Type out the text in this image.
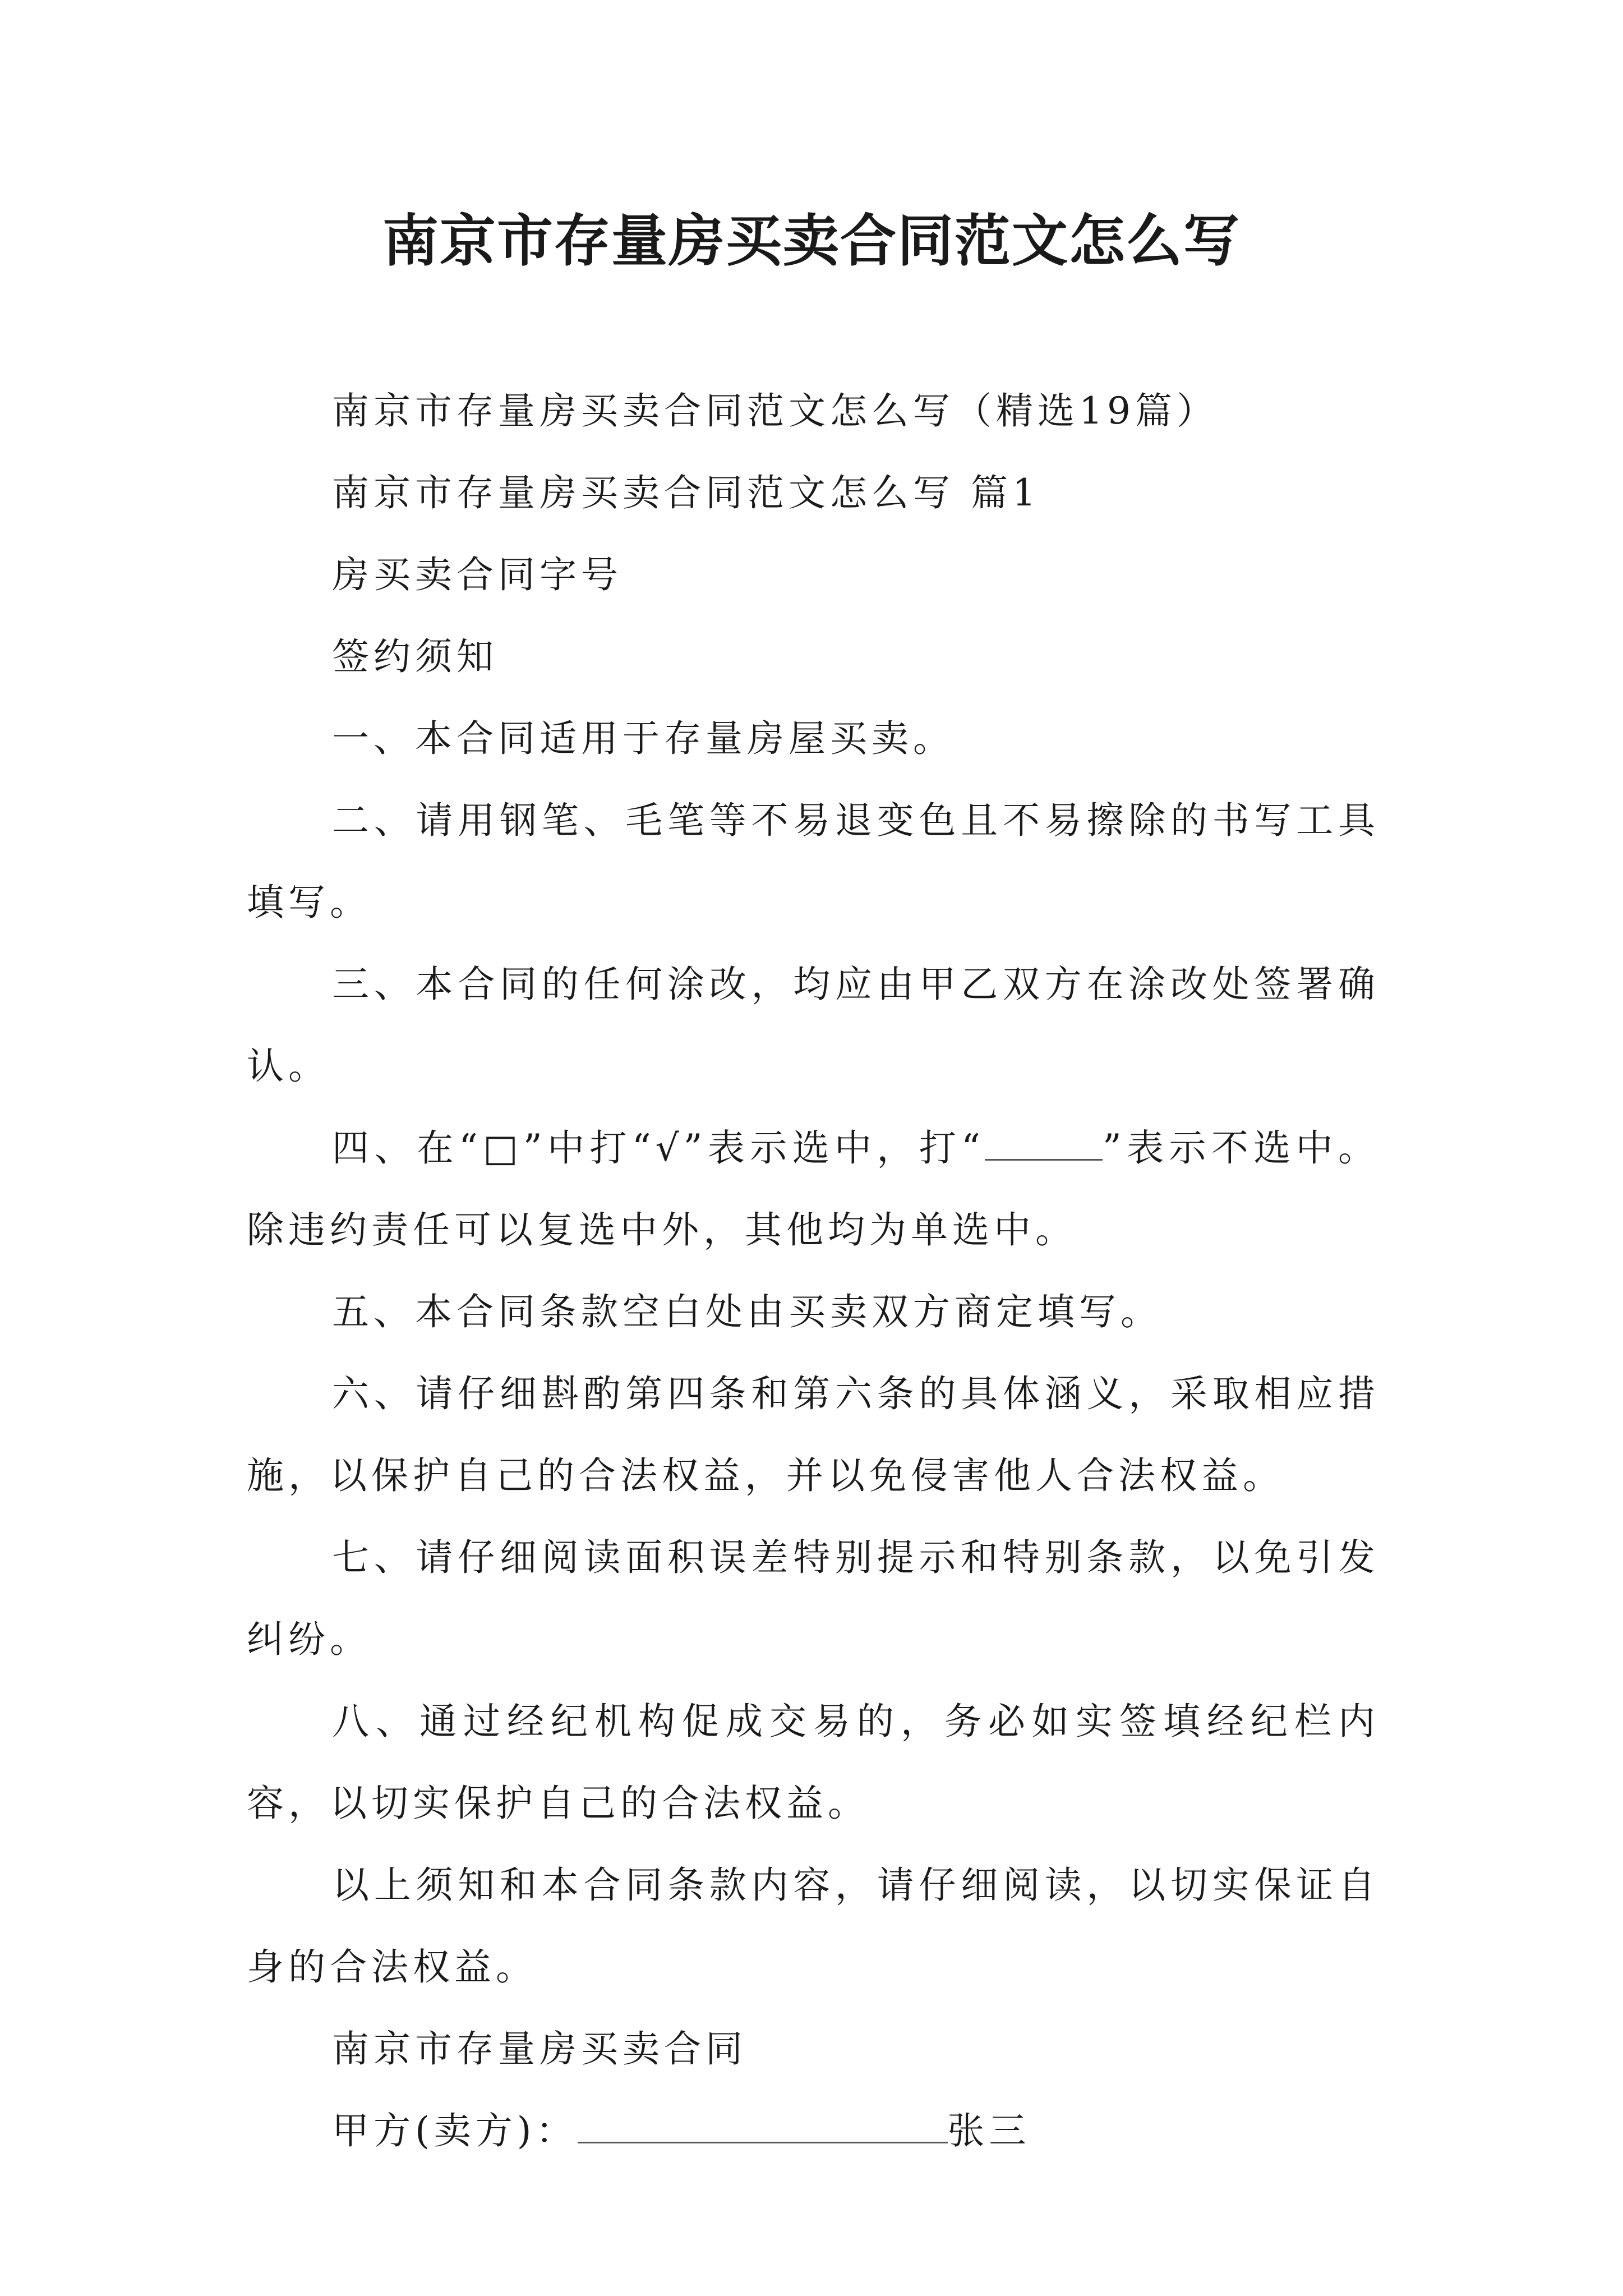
南京市存量房买卖合同范文怎么写

南京市存量房买卖合同范文怎么写（精选19篇）

南京市存量房买卖合同范文怎么写 篇1

房买卖合同字号

签约须知

一、本合同适用于存量房屋买卖。

二、请用钢笔、毛笔等不易退变色且不易擦除的书写工具填写。

三、本合同的任何涂改，均应由甲乙双方在涂改处签署确认。

四、在“□”中打“√”表示选中，打“	”表示不选中。除违约责任可以复选中外，其他均为单选中。

五、本合同条款空白处由买卖双方商定填写。

六、请仔细斟酌第四条和第六条的具体涵义，采取相应措施，以保护自己的合法权益，并以免侵害他人合法权益。

七、请仔细阅读面积误差特别提示和特别条款，以免引发纠纷。

八、通过经纪机构促成交易的，务必如实签填经纪栏内容，以切实保护自己的合法权益。

以上须知和本合同条款内容，请仔细阅读，以切实保证自身的合法权益。

南京市存量房买卖合同

甲方(卖方)：	张三
